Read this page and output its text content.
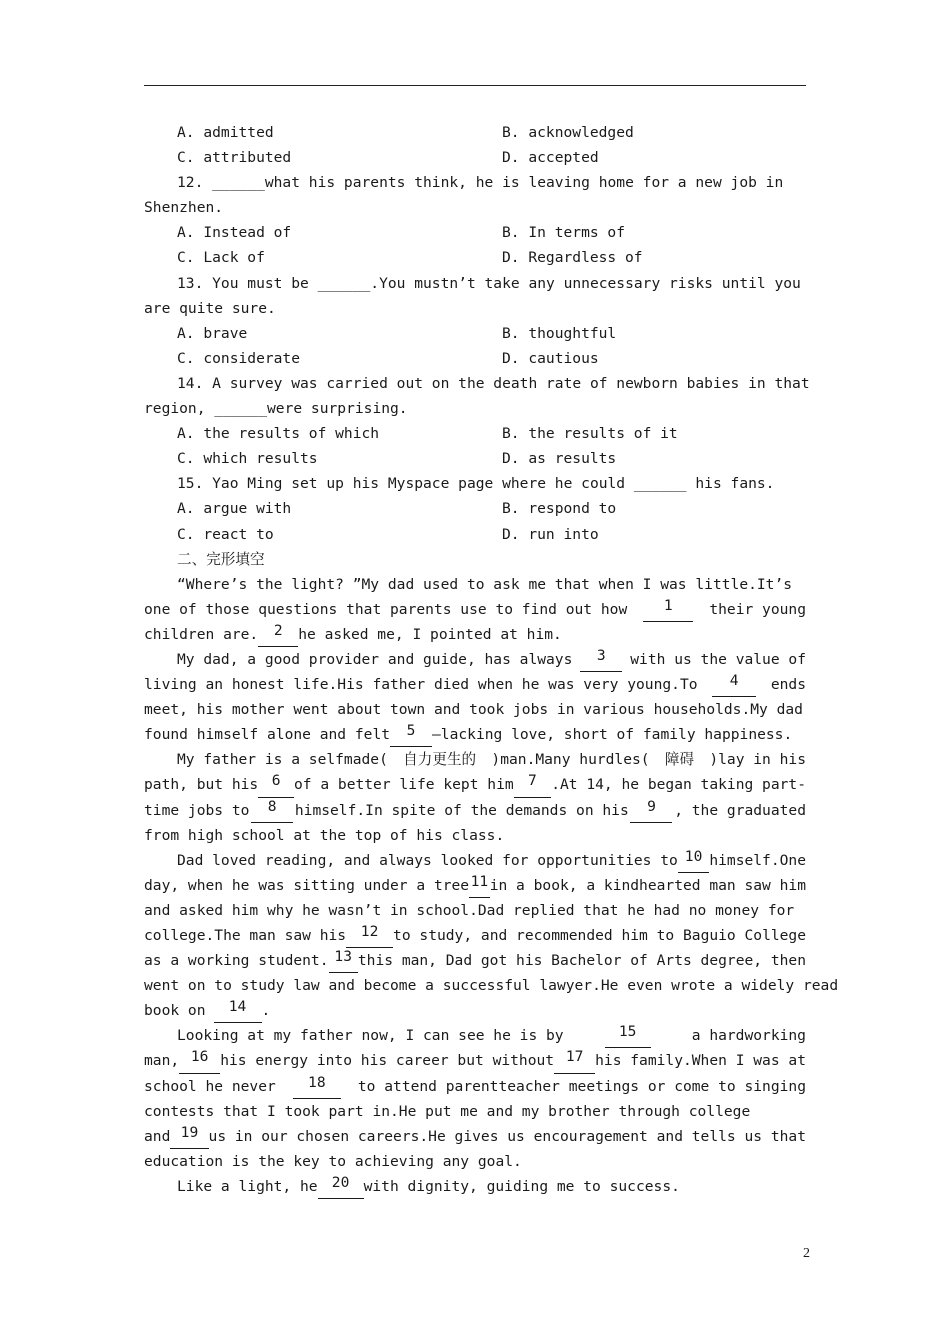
A. admitted	B. acknowledged
C. attributed	D. accepted
12. ______what his parents think, he is leaving home for a new job in
Shenzhen.
A. Instead of	B. In terms of
C. Lack of	D. Regardless of
13. You must be ______.You mustn’t take any unnecessary risks until you
are quite sure.
A. brave	B. thoughtful
C. considerate	D. cautious
14. A survey was carried out on the death rate of newborn babies in that
region, ______were surprising.
A. the results of which	B. the results of it
C. which results	D. as results
15. Yao Ming set up his Myspace page where he could ______ his fans.
A. argue with	B. respond to
C. react to	D. run into
二、完形填空
“Where’s the light? ”My dad used to ask me that when I was little.It’s
one of those questions that parents use to find out how	1	their young
children are.	2	he asked me, I pointed at him.
My dad, a good provider and guide, has always	3	with us the value of
living an honest life.His father died when he was very young.To	4	ends
meet, his mother went about town and took jobs in various households.My dad
found himself alone and felt	5	—lacking love, short of family happiness.
My father is a selfmade( 自力更生的 )man.Many hurdles( 障碍 )lay in his
path, but his 6 of a better life kept him 7 .At 14, he began taking part-
time jobs to	8	himself.In spite of the demands on his	9	, the graduated
from high school at the top of his class.
Dad loved reading, and always looked for opportunities to 10 himself.One
day, when he was sitting under a tree 11 in a book, a kindhearted man saw him
and asked him why he wasn’t in school.Dad replied that he had no money for
college.The man saw his	12	to study, and recommended him to Baguio College
as a working student. 13 this man, Dad got his Bachelor of Arts degree, then
went on to study law and become a successful lawyer.He even wrote a widely read
book on	14	.
Looking at my father now, I can see he is by	15	a hardworking
man, 16 his energy into his career but without 17 his family.When I was at
school he never	18	to attend parentteacher meetings or come to singing
contests that I took part in.He put me and my brother through college
and 19 us in our chosen careers.He gives us encouragement and tells us that
education is the key to achieving any goal.
Like a light, he 20 with dignity, guiding me to success.
2
